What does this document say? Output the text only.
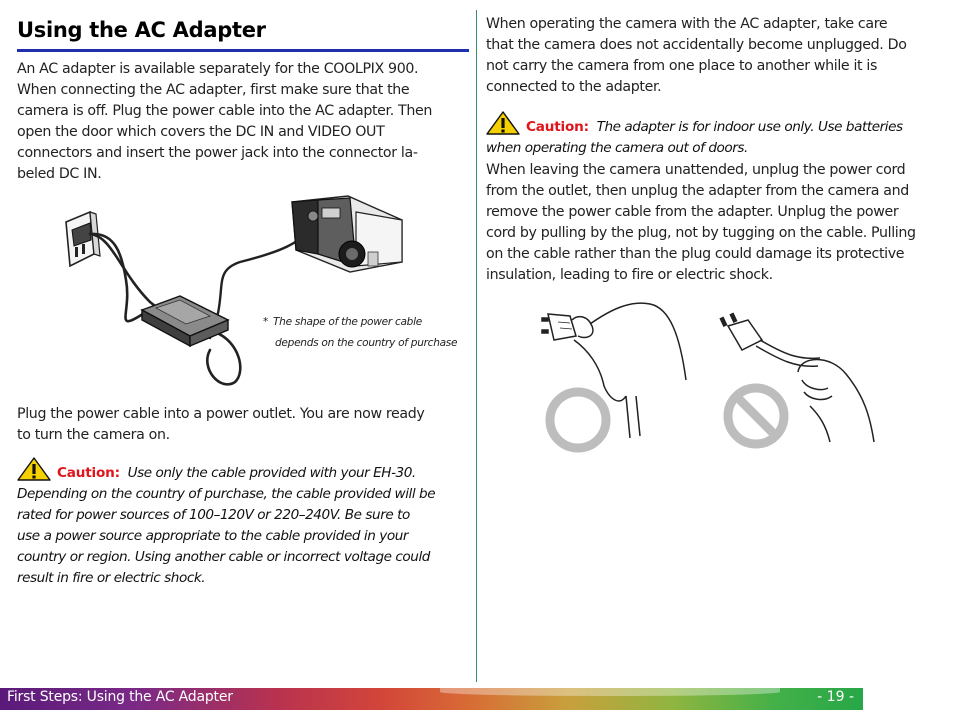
Using the AC Adapter

An AC adapter is available separately for the COOLPIX 900.
When connecting the AC adapter, first make sure that the
camera is off. Plug the power cable into the AC adapter. Then
open the door which covers the DC IN and VIDEO OUT
connectors and insert the power jack into the connector la-
beled DC IN.

* The shape of the power cable
depends on the country of purchase

Plug the power cable into a power outlet. You are now ready
to turn the camera on.

Caution: Use only the cable provided with your EH-30.
Depending on the country of purchase, the cable provided will be
rated for power sources of 100–120V or 220–240V. Be sure to
use a power source appropriate to the cable provided in your
country or region. Using another cable or incorrect voltage could
result in fire or electric shock.

When operating the camera with the AC adapter, take care
that the camera does not accidentally become unplugged. Do
not carry the camera from one place to another while it is
connected to the adapter.

Caution: The adapter is for indoor use only. Use batteries
when operating the camera out of doors.

When leaving the camera unattended, unplug the power cord
from the outlet, then unplug the adapter from the camera and
remove the power cable from the adapter. Unplug the power
cord by pulling by the plug, not by tugging on the cable. Pulling
on the cable rather than the plug could damage its protective
insulation, leading to fire or electric shock.

First Steps: Using the AC Adapter	- 19 -
